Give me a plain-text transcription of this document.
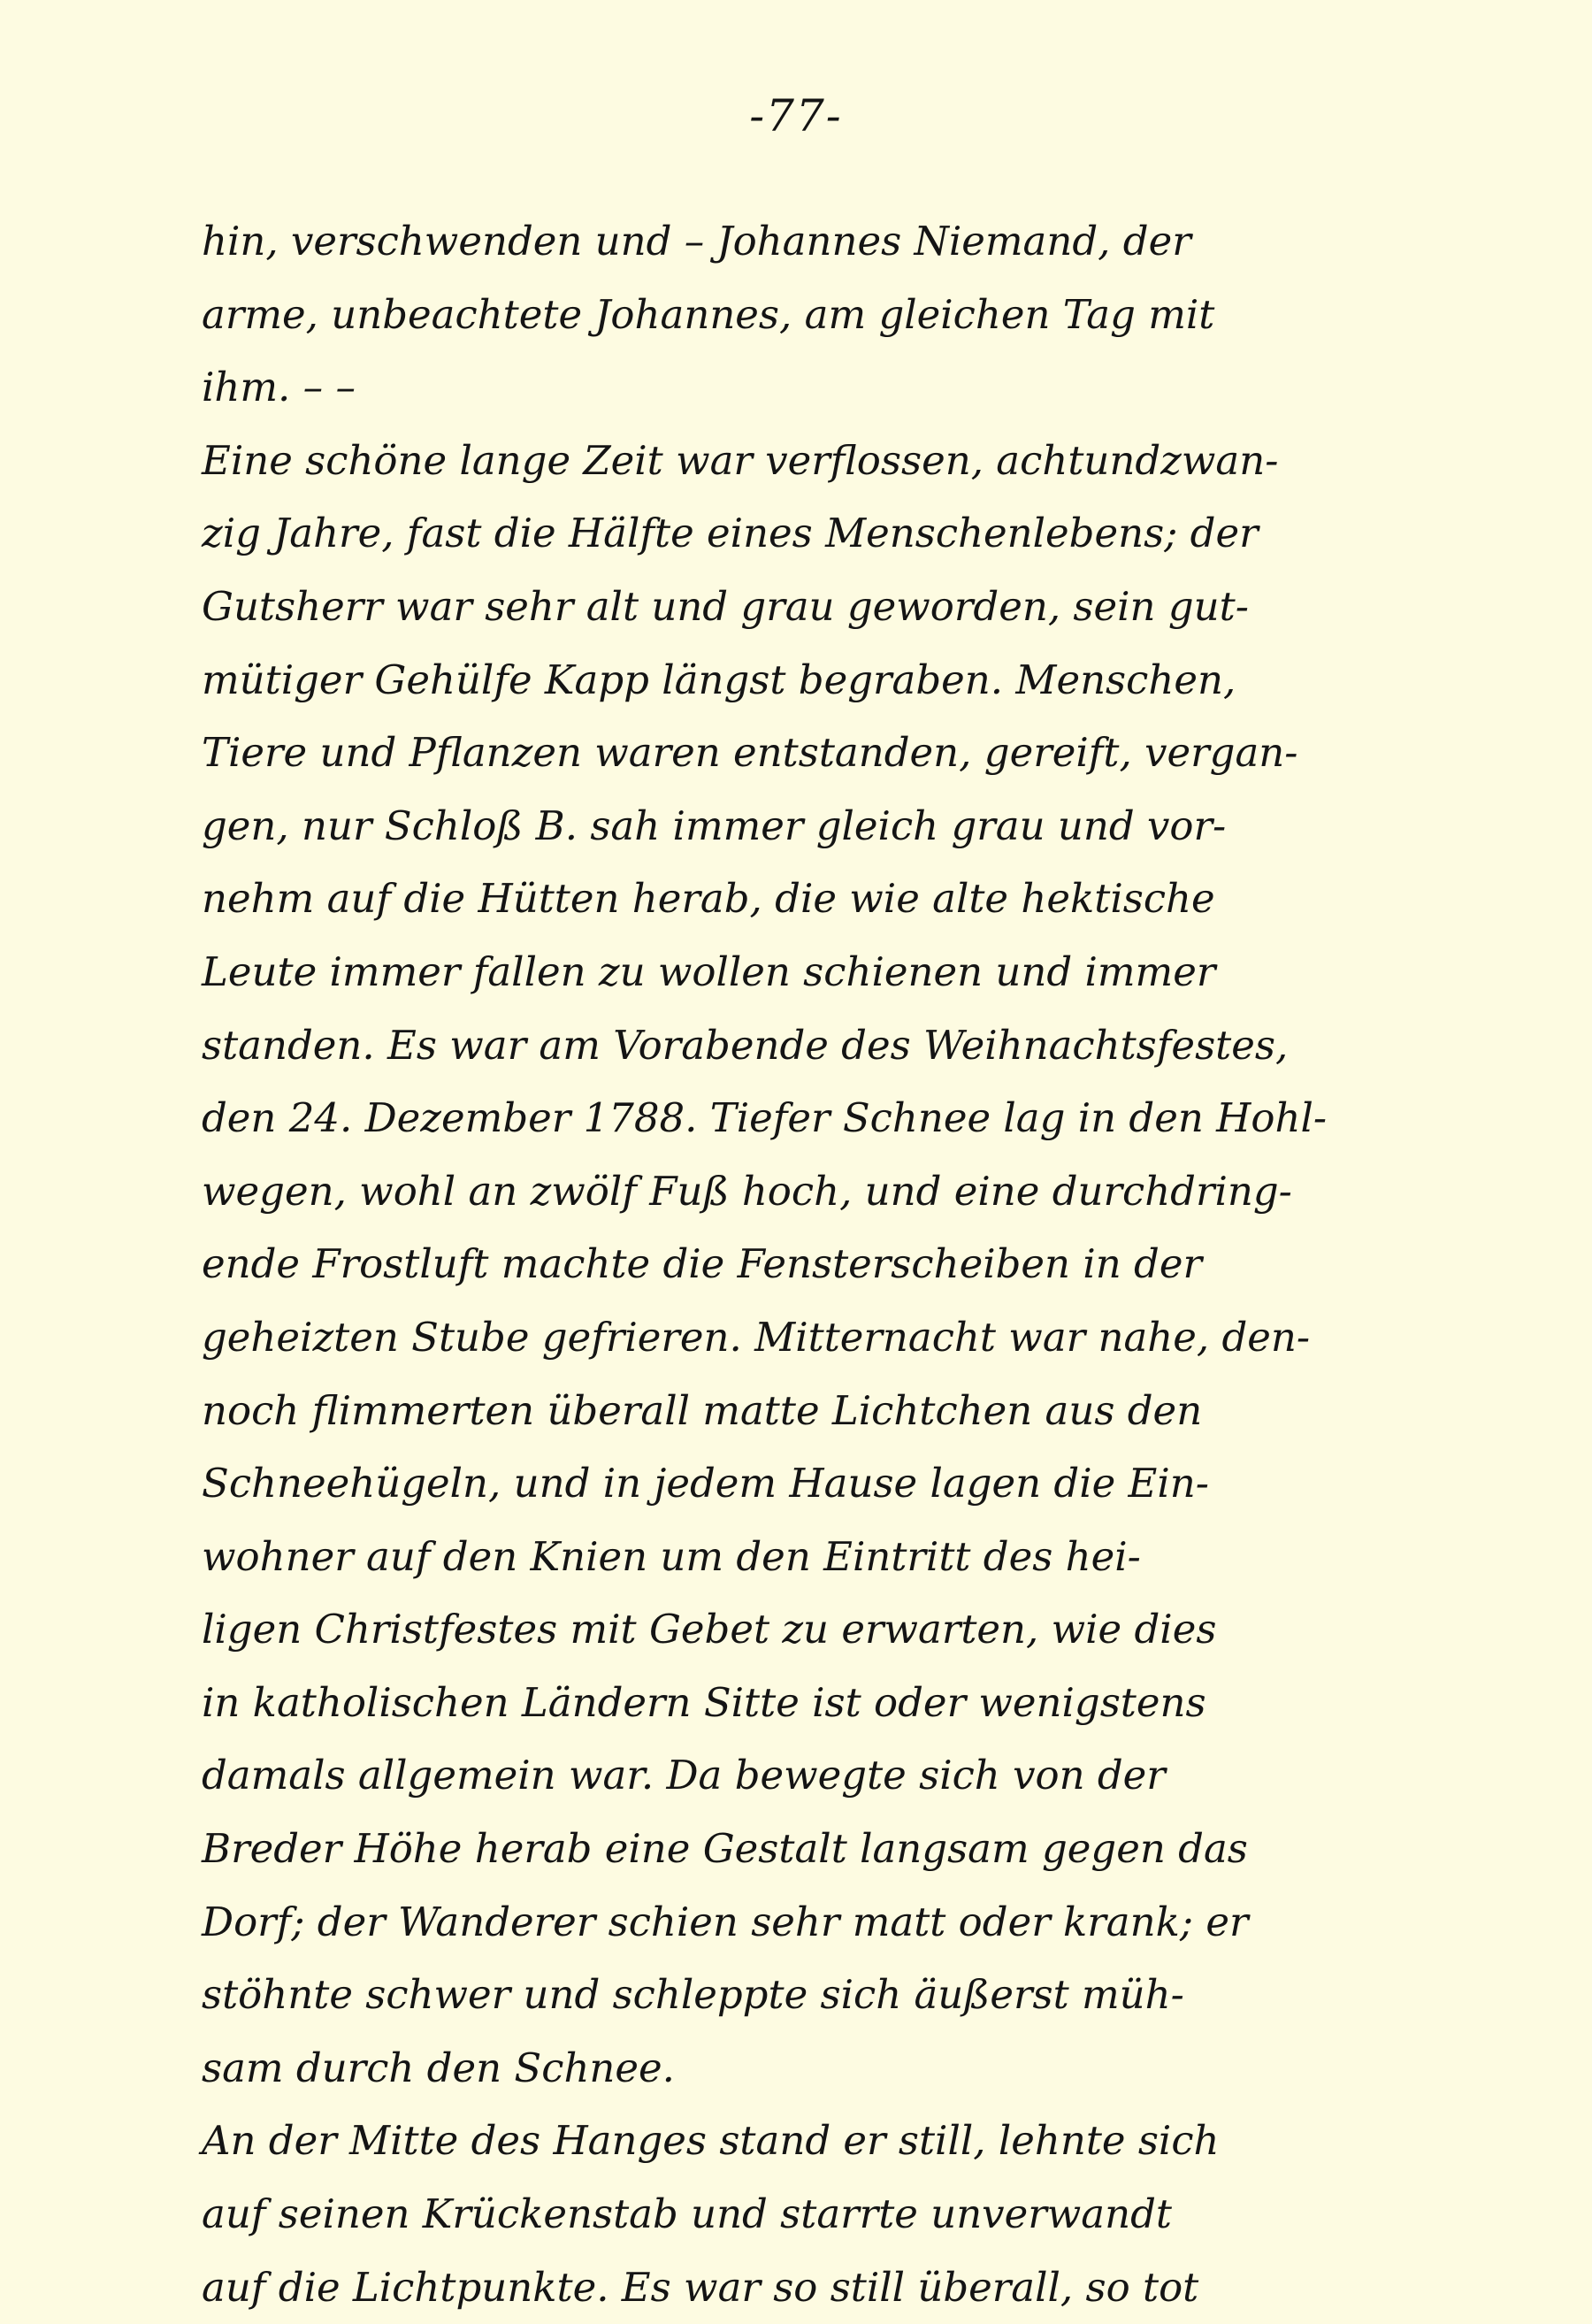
-77-
hin, verschwenden und – Johannes Niemand, der
arme, unbeachtete Johannes, am gleichen Tag mit
ihm. – –
Eine schöne lange Zeit war verflossen, achtundzwan-
zig Jahre, fast die Hälfte eines Menschenlebens; der
Gutsherr war sehr alt und grau geworden, sein gut-
mütiger Gehülfe Kapp längst begraben. Menschen,
Tiere und Pflanzen waren entstanden, gereift, vergan-
gen, nur Schloß B. sah immer gleich grau und vor-
nehm auf die Hütten herab, die wie alte hektische
Leute immer fallen zu wollen schienen und immer
standen. Es war am Vorabende des Weihnachtsfestes,
den 24. Dezember 1788. Tiefer Schnee lag in den Hohl-
wegen, wohl an zwölf Fuß hoch, und eine durchdring-
ende Frostluft machte die Fensterscheiben in der
geheizten Stube gefrieren. Mitternacht war nahe, den-
noch flimmerten überall matte Lichtchen aus den
Schneehügeln, und in jedem Hause lagen die Ein-
wohner auf den Knien um den Eintritt des hei-
ligen Christfestes mit Gebet zu erwarten, wie dies
in katholischen Ländern Sitte ist oder wenigstens
damals allgemein war. Da bewegte sich von der
Breder Höhe herab eine Gestalt langsam gegen das
Dorf; der Wanderer schien sehr matt oder krank; er
stöhnte schwer und schleppte sich äußerst müh-
sam durch den Schnee.
An der Mitte des Hanges stand er still, lehnte sich
auf seinen Krückenstab und starrte unverwandt
auf die Lichtpunkte. Es war so still überall, so tot
